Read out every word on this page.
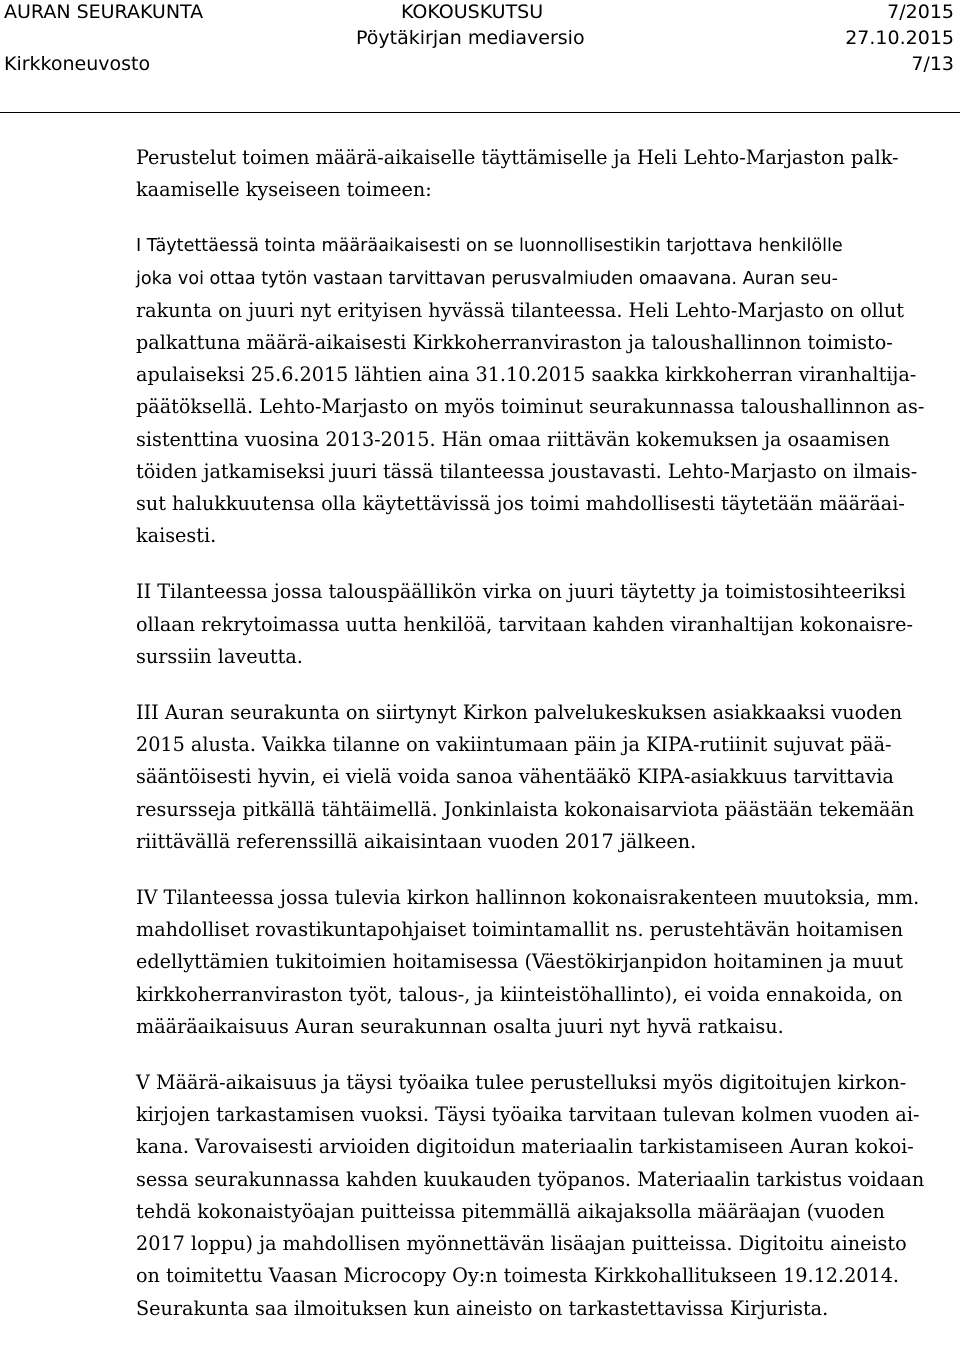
AURAN SEURAKUNTA	KOKOUSKUTSU
Pöytäkirjan mediaversio
7/2015
27.10.2015
Kirkkoneuvosto	7/13

Perustelut toimen määrä-aikaiselle täyttämiselle ja Heli Lehto-Marjaston palk-
kaamiselle kyseiseen toimeen:

I Täytettäessä tointa määräaikaisesti on se luonnollisestikin tarjottava henkilölle
joka voi ottaa tytön vastaan tarvittavan perusvalmiuden omaavana. Auran seu-
rakunta on juuri nyt erityisen hyvässä tilanteessa. Heli Lehto-Marjasto on ollut
palkattuna määrä-aikaisesti Kirkkoherranviraston ja taloushallinnon toimisto-
apulaiseksi 25.6.2015 lähtien aina 31.10.2015 saakka kirkkoherran viranhaltija-
päätöksellä. Lehto-Marjasto on myös toiminut seurakunnassa taloushallinnon as-
sistenttina vuosina 2013-2015. Hän omaa riittävän kokemuksen ja osaamisen
töiden jatkamiseksi juuri tässä tilanteessa joustavasti. Lehto-Marjasto on ilmais-
sut halukkuutensa olla käytettävissä jos toimi mahdollisesti täytetään määräai-
kaisesti.

II Tilanteessa jossa talouspäällikön virka on juuri täytetty ja toimistosihteeriksi
ollaan rekrytoimassa uutta henkilöä, tarvitaan kahden viranhaltijan kokonaisre-
surssiin laveutta.

III Auran seurakunta on siirtynyt Kirkon palvelukeskuksen asiakkaaksi vuoden
2015 alusta. Vaikka tilanne on vakiintumaan päin ja KIPA-rutiinit sujuvat pää-
sääntöisesti hyvin, ei vielä voida sanoa vähentääkö KIPA-asiakkuus tarvittavia
resursseja pitkällä tähtäimellä. Jonkinlaista kokonaisarviota päästään tekemään
riittävällä referenssillä aikaisintaan vuoden 2017 jälkeen.

IV Tilanteessa jossa tulevia kirkon hallinnon kokonaisrakenteen muutoksia, mm.
mahdolliset rovastikuntapohjaiset toimintamallit ns. perustehtävän hoitamisen
edellyttämien tukitoimien hoitamisessa (Väestökirjanpidon hoitaminen ja muut
kirkkoherranviraston työt, talous-, ja kiinteistöhallinto), ei voida ennakoida, on
määräaikaisuus Auran seurakunnan osalta juuri nyt hyvä ratkaisu.

V Määrä-aikaisuus ja täysi työaika tulee perustelluksi myös digitoitujen kirkon-
kirjojen tarkastamisen vuoksi. Täysi työaika tarvitaan tulevan kolmen vuoden ai-
kana. Varovaisesti arvioiden digitoidun materiaalin tarkistamiseen Auran kokoi-
sessa seurakunnassa kahden kuukauden työpanos. Materiaalin tarkistus voidaan
tehdä kokonaistyöajan puitteissa pitemmällä aikajaksolla määräajan (vuoden
2017 loppu) ja mahdollisen myönnettävän lisäajan puitteissa. Digitoitu aineisto
on toimitettu Vaasan Microcopy Oy:n toimesta Kirkkohallitukseen 19.12.2014.
Seurakunta saa ilmoituksen kun aineisto on tarkastettavissa Kirjurista.
